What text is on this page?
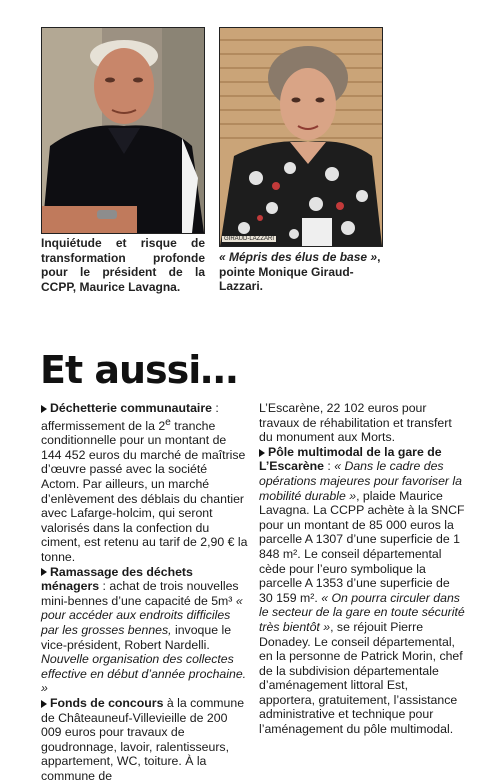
GIRAUD-LAZZARI
Inquiétude et risque de transformation profonde pour le président de la CCPP, Maurice Lavagna.
« Mépris des élus de base », pointe Monique Giraud-Lazzari.
Et aussi…

Déchetterie communautaire : affermissement de la 2e tranche conditionnelle pour un montant de 144 452 euros du marché de maîtrise d’œuvre passé avec la société Actom. Par ailleurs, un marché d’enlèvement des déblais du chantier avec Lafarge-holcim, qui seront valorisés dans la confection du ciment, est retenu au tarif de 2,90 € la tonne.

Ramassage des déchets ménagers : achat de trois nouvelles mini-bennes d’une capacité de 5m³ « pour accéder aux endroits difficiles par les grosses bennes, invoque le vice-président, Robert Nardelli. Nouvelle organisation des collectes effective en début d’année prochaine. »

Fonds de concours à la commune de Châteauneuf-Villevieille de 200 009 euros pour travaux de goudronnage, lavoir, ralentisseurs, appartement, WC, toiture. À la commune de

L’Escarène, 22 102 euros pour travaux de réhabilitation et transfert du monument aux Morts.

Pôle multimodal de la gare de L’Escarène : « Dans le cadre des opérations majeures pour favoriser la mobilité durable », plaide Maurice Lavagna. La CCPP achète à la SNCF pour un montant de 85 000 euros la parcelle A 1307 d’une superficie de 1 848 m². Le conseil départemental cède pour l’euro symbolique la parcelle A 1353 d’une superficie de 30 159 m². « On pourra circuler dans le secteur de la gare en toute sécurité très bientôt », se réjouit Pierre Donadey. Le conseil départemental, en la personne de Patrick Morin, chef de la subdivision départementale d’aménagement littoral Est, apportera, gratuitement, l’assistance administrative et technique pour l’aménagement du pôle multimodal.
